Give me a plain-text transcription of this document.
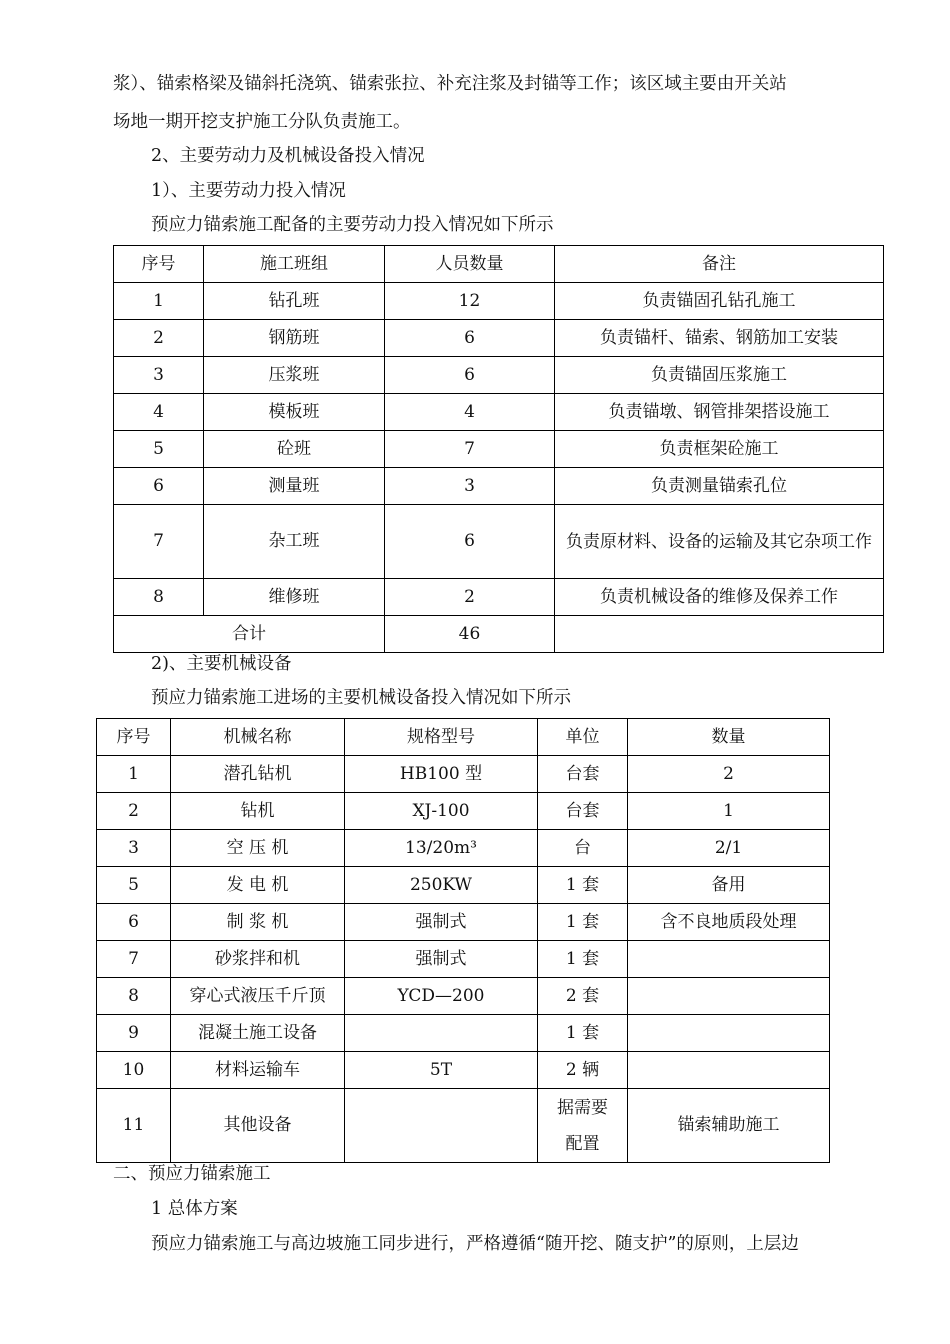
浆）、锚索格梁及锚斜托浇筑、锚索张拉、补充注浆及封锚等工作；该区域主要由开关站
场地一期开挖支护施工分队负责施工。
2、主要劳动力及机械设备投入情况
1）、主要劳动力投入情况
预应力锚索施工配备的主要劳动力投入情况如下所示
序号	施工班组	人员数量	备注
1	钻孔班	12	负责锚固孔钻孔施工
2	钢筋班	6	负责锚杆、锚索、钢筋加工安装
3	压浆班	6	负责锚固压浆施工
4	模板班	4	负责锚墩、钢管排架搭设施工
5	砼班	7	负责框架砼施工
6	测量班	3	负责测量锚索孔位
7	杂工班	6	负责原材料、设备的运输及其它杂项工作
8	维修班	2	负责机械设备的维修及保养工作
合计		46	
2)、主要机械设备
预应力锚索施工进场的主要机械设备投入情况如下所示
序号	机械名称	规格型号	单位	数量
1	潜孔钻机	HB100 型	台套	2
2	钻机	XJ-100	台套	1
3	空 压 机	13/20m³	台	2/1
5	发 电 机	250KW	1 套	备用
6	制 浆 机	强制式	1 套	含不良地质段处理
7	砂浆拌和机	强制式	1 套	
8	穿心式液压千斤顶	YCD—200	2 套	
9	混凝土施工设备		1 套	
10	材料运输车	5T	2 辆	
11	其他设备		据需要配置	锚索辅助施工
二、预应力锚索施工
1 总体方案
预应力锚索施工与高边坡施工同步进行，严格遵循“随开挖、随支护”的原则，上层边
